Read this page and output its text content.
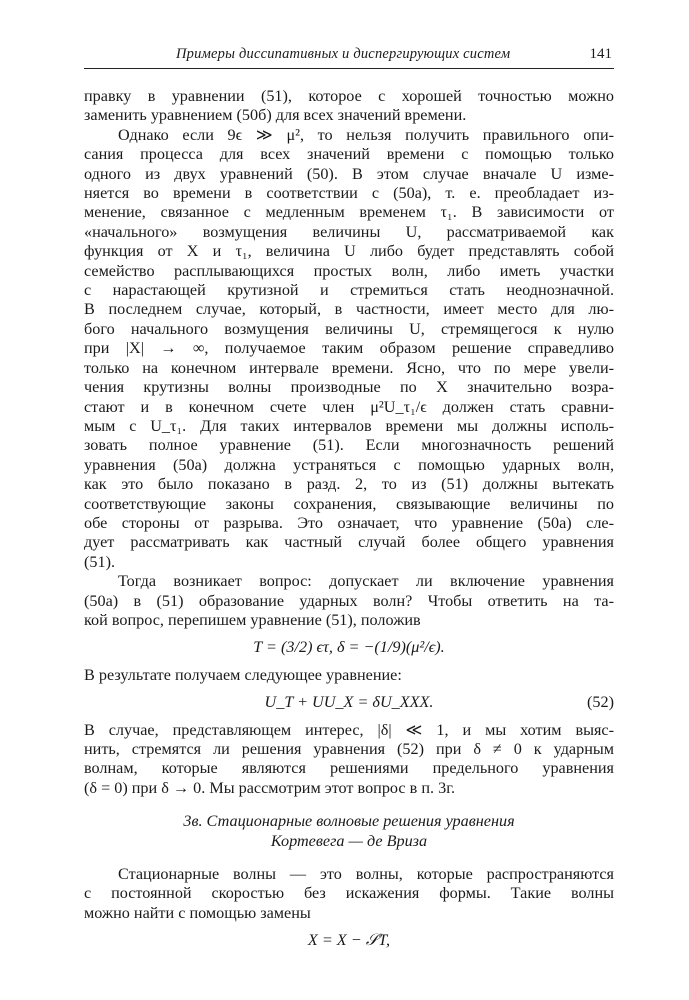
Примеры диссипативных и диспергирующих систем	141
правку в уравнении (51), которое с хорошей точностью можно
заменить уравнением (50б) для всех значений времени.
Однако если 9ϵ ≫ μ², то нельзя получить правильного опи-
сания процесса для всех значений времени с помощью только
одного из двух уравнений (50). В этом случае вначале U изме-
няется во времени в соответствии с (50а), т. е. преобладает из-
менение, связанное с медленным временем τ₁. В зависимости от
«начального» возмущения величины U, рассматриваемой как
функция от X и τ₁, величина U либо будет представлять собой
семейство расплывающихся простых волн, либо иметь участки
с нарастающей крутизной и стремиться стать неоднозначной.
В последнем случае, который, в частности, имеет место для лю-
бого начального возмущения величины U, стремящегося к нулю
при |X| → ∞, получаемое таким образом решение справедливо
только на конечном интервале времени. Ясно, что по мере увели-
чения крутизны волны производные по X значительно возра-
стают и в конечном счете член μ²U_τ₁/ϵ должен стать сравни-
мым с U_τ₁. Для таких интервалов времени мы должны исполь-
зовать полное уравнение (51). Если многозначность решений
уравнения (50а) должна устраняться с помощью ударных волн,
как это было показано в разд. 2, то из (51) должны вытекать
соответствующие законы сохранения, связывающие величины по
обе стороны от разрыва. Это означает, что уравнение (50а) сле-
дует рассматривать как частный случай более общего уравнения
(51).
Тогда возникает вопрос: допускает ли включение уравнения
(50а) в (51) образование ударных волн? Чтобы ответить на та-
кой вопрос, перепишем уравнение (51), положив
T = (3/2) ϵτ, δ = −(1/9)(μ²/ϵ).
В результате получаем следующее уравнение:
U_T + UU_X = δU_XXX.	(52)
В случае, представляющем интерес, |δ| ≪ 1, и мы хотим выяс-
нить, стремятся ли решения уравнения (52) при δ ≠ 0 к ударным
волнам, которые являются решениями предельного уравнения
(δ = 0) при δ → 0. Мы рассмотрим этот вопрос в п. 3г.
3в. Стационарные волновые решения уравнения
Кортевега — де Вриза
Стационарные волны — это волны, которые распространяются
с постоянной скоростью без искажения формы. Такие волны
можно найти с помощью замены
X = X − 𝒮T,
